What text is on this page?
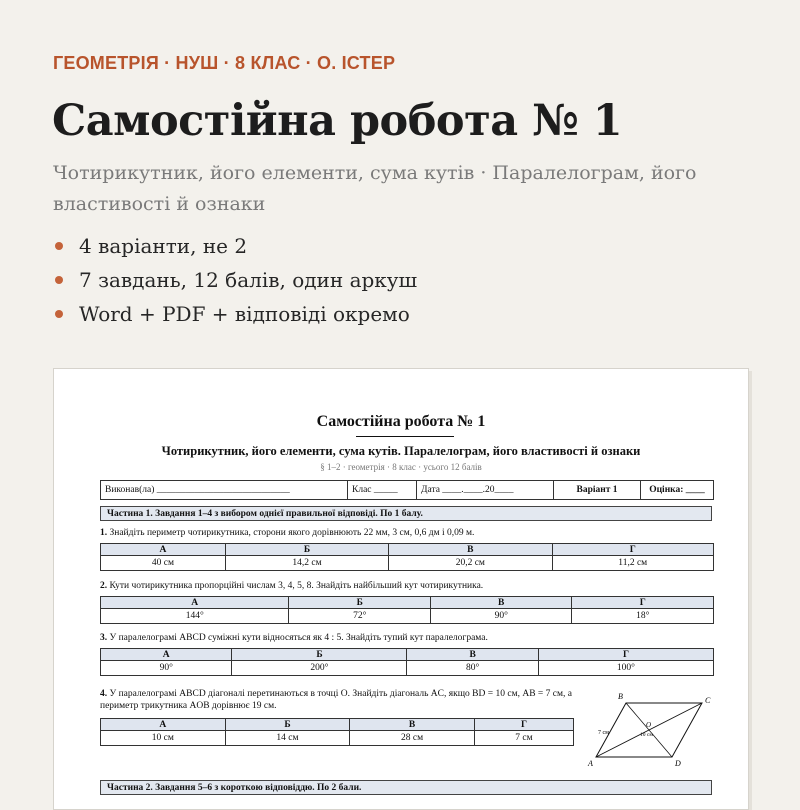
ГЕОМЕТРІЯ · НУШ · 8 КЛАС · О. ІСТЕР
Самостійна робота № 1
Чотирикутник, його елементи, сума кутів · Паралелограм, його властивості й ознаки
4 варіанти, не 2
7 завдань, 12 балів, один аркуш
Word + PDF + відповіді окремо
Самостійна робота № 1
Чотирикутник, його елементи, сума кутів. Паралелограм, його властивості й ознаки
§ 1–2 · геометрія · 8 клас · усього 12 балів
Виконав(ла) ____________________________	Клас _____	Дата ____.____.20____	Варіант 1	Оцінка: ____
Частина 1. Завдання 1–4 з вибором однієї правильної відповіді. По 1 балу.
1. Знайдіть периметр чотирикутника, сторони якого дорівнюють 22 мм, 3 см, 0,6 дм і 0,09 м.
А	Б	В	Г
40 см	14,2 см	20,2 см	11,2 см
2. Кути чотирикутника пропорційні числам 3, 4, 5, 8. Знайдіть найбільший кут чотирикутника.
А	Б	В	Г
144°	72°	90°	18°
3. У паралелограмі ABCD суміжні кути відносяться як 4 : 5. Знайдіть тупий кут паралелограма.
А	Б	В	Г
90°	200°	80°	100°
4. У паралелограмі ABCD діагоналі перетинаються в точці O. Знайдіть діагональ AC, якщо BD = 10 см, AB = 7 см, а периметр трикутника AOB дорівнює 19 см.
А	Б	В	Г
10 см	14 см	28 см	7 см
A
B	C
D
O
7 см	10 см
Частина 2. Завдання 5–6 з короткою відповіддю. По 2 бали.
